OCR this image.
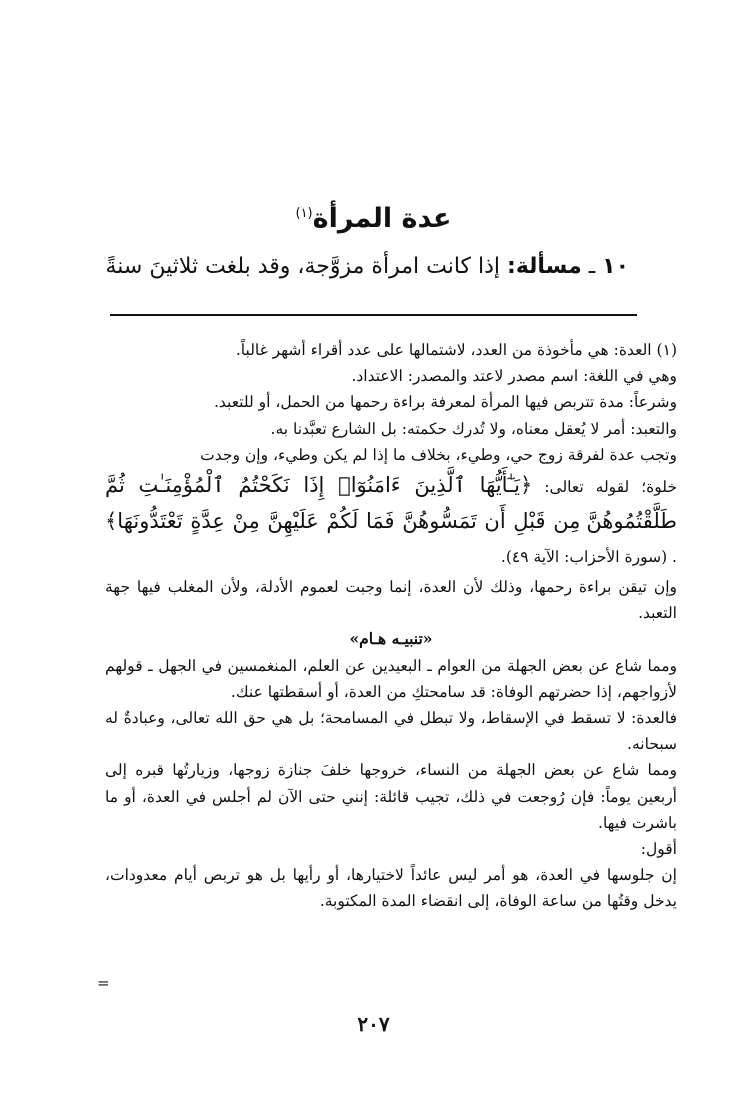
عدة المرأة$^{(١)}$
١٠ ـ مسألة: إذا كانت امرأة مزوَّجة، وقد بلغت ثلاثينَ سنةً

(١) العدة: هي مأخوذة من العدد، لاشتمالها على عدد أقراء أشهر غالباً.

وهي في اللغة: اسم مصدر لاعتد والمصدر: الاعتداد.

وشرعاً: مدة تتربص فيها المرأة لمعرفة براءة رحمها من الحمل، أو للتعبد.

والتعبد: أمر لا يُعقل معناه، ولا تُدرك حكمته: بل الشارع تعبَّدنا به.

وتجب عدة لفرقة زوج حي، وطيء، بخلاف ما إذا لم يكن وطيء، وإن وجدت

خلوة؛ لقوله تعالى: ﴿يَـٰٓأَيُّهَا ٱلَّذِينَ ءَامَنُوٓا۟ إِذَا نَكَحْتُمُ ٱلْمُؤْمِنَـٰتِ ثُمَّ طَلَّقْتُمُوهُنَّ مِن قَبْلِ أَن تَمَسُّوهُنَّ فَمَا لَكُمْ عَلَيْهِنَّ مِنْ عِدَّةٍ تَعْتَدُّونَهَا﴾ . (سورة الأحزاب: الآية ٤٩).

وإن تيقن براءة رحمها، وذلك لأن العدة، إنما وجبت لعموم الأدلة، ولأن المغلب فيها جهة التعبد.

«تنبيـه هـام»

ومما شاع عن بعض الجهلة من العوام ـ البعيدين عن العلم، المنغمسين في الجهل ـ قولهم لأزواجهم، إذا حضرتهم الوفاة: قد سامحتكِ من العدة، أو أسقطتها عنك.

فالعدة: لا تسقط في الإسقاط، ولا تبطل في المسامحة؛ بل هي حق الله تعالى، وعبادةٌ له سبحانه.

ومما شاع عن بعض الجهلة من النساء، خروجها خلفَ جنازة زوجها، وزيارتُها قبره إلى أربعين يوماً: فإن رُوجعت في ذلك، تجيب قائلة: إنني حتى الآن لم أجلس في العدة، أو ما باشرت فيها.

أقول:

إن جلوسها في العدة، هو أمر ليس عائداً لاختيارها، أو رأيها بل هو تربص أيام معدودات، يدخل وقتُها من ساعة الوفاة، إلى انقضاء المدة المكتوبة.

=
٢٠٧
